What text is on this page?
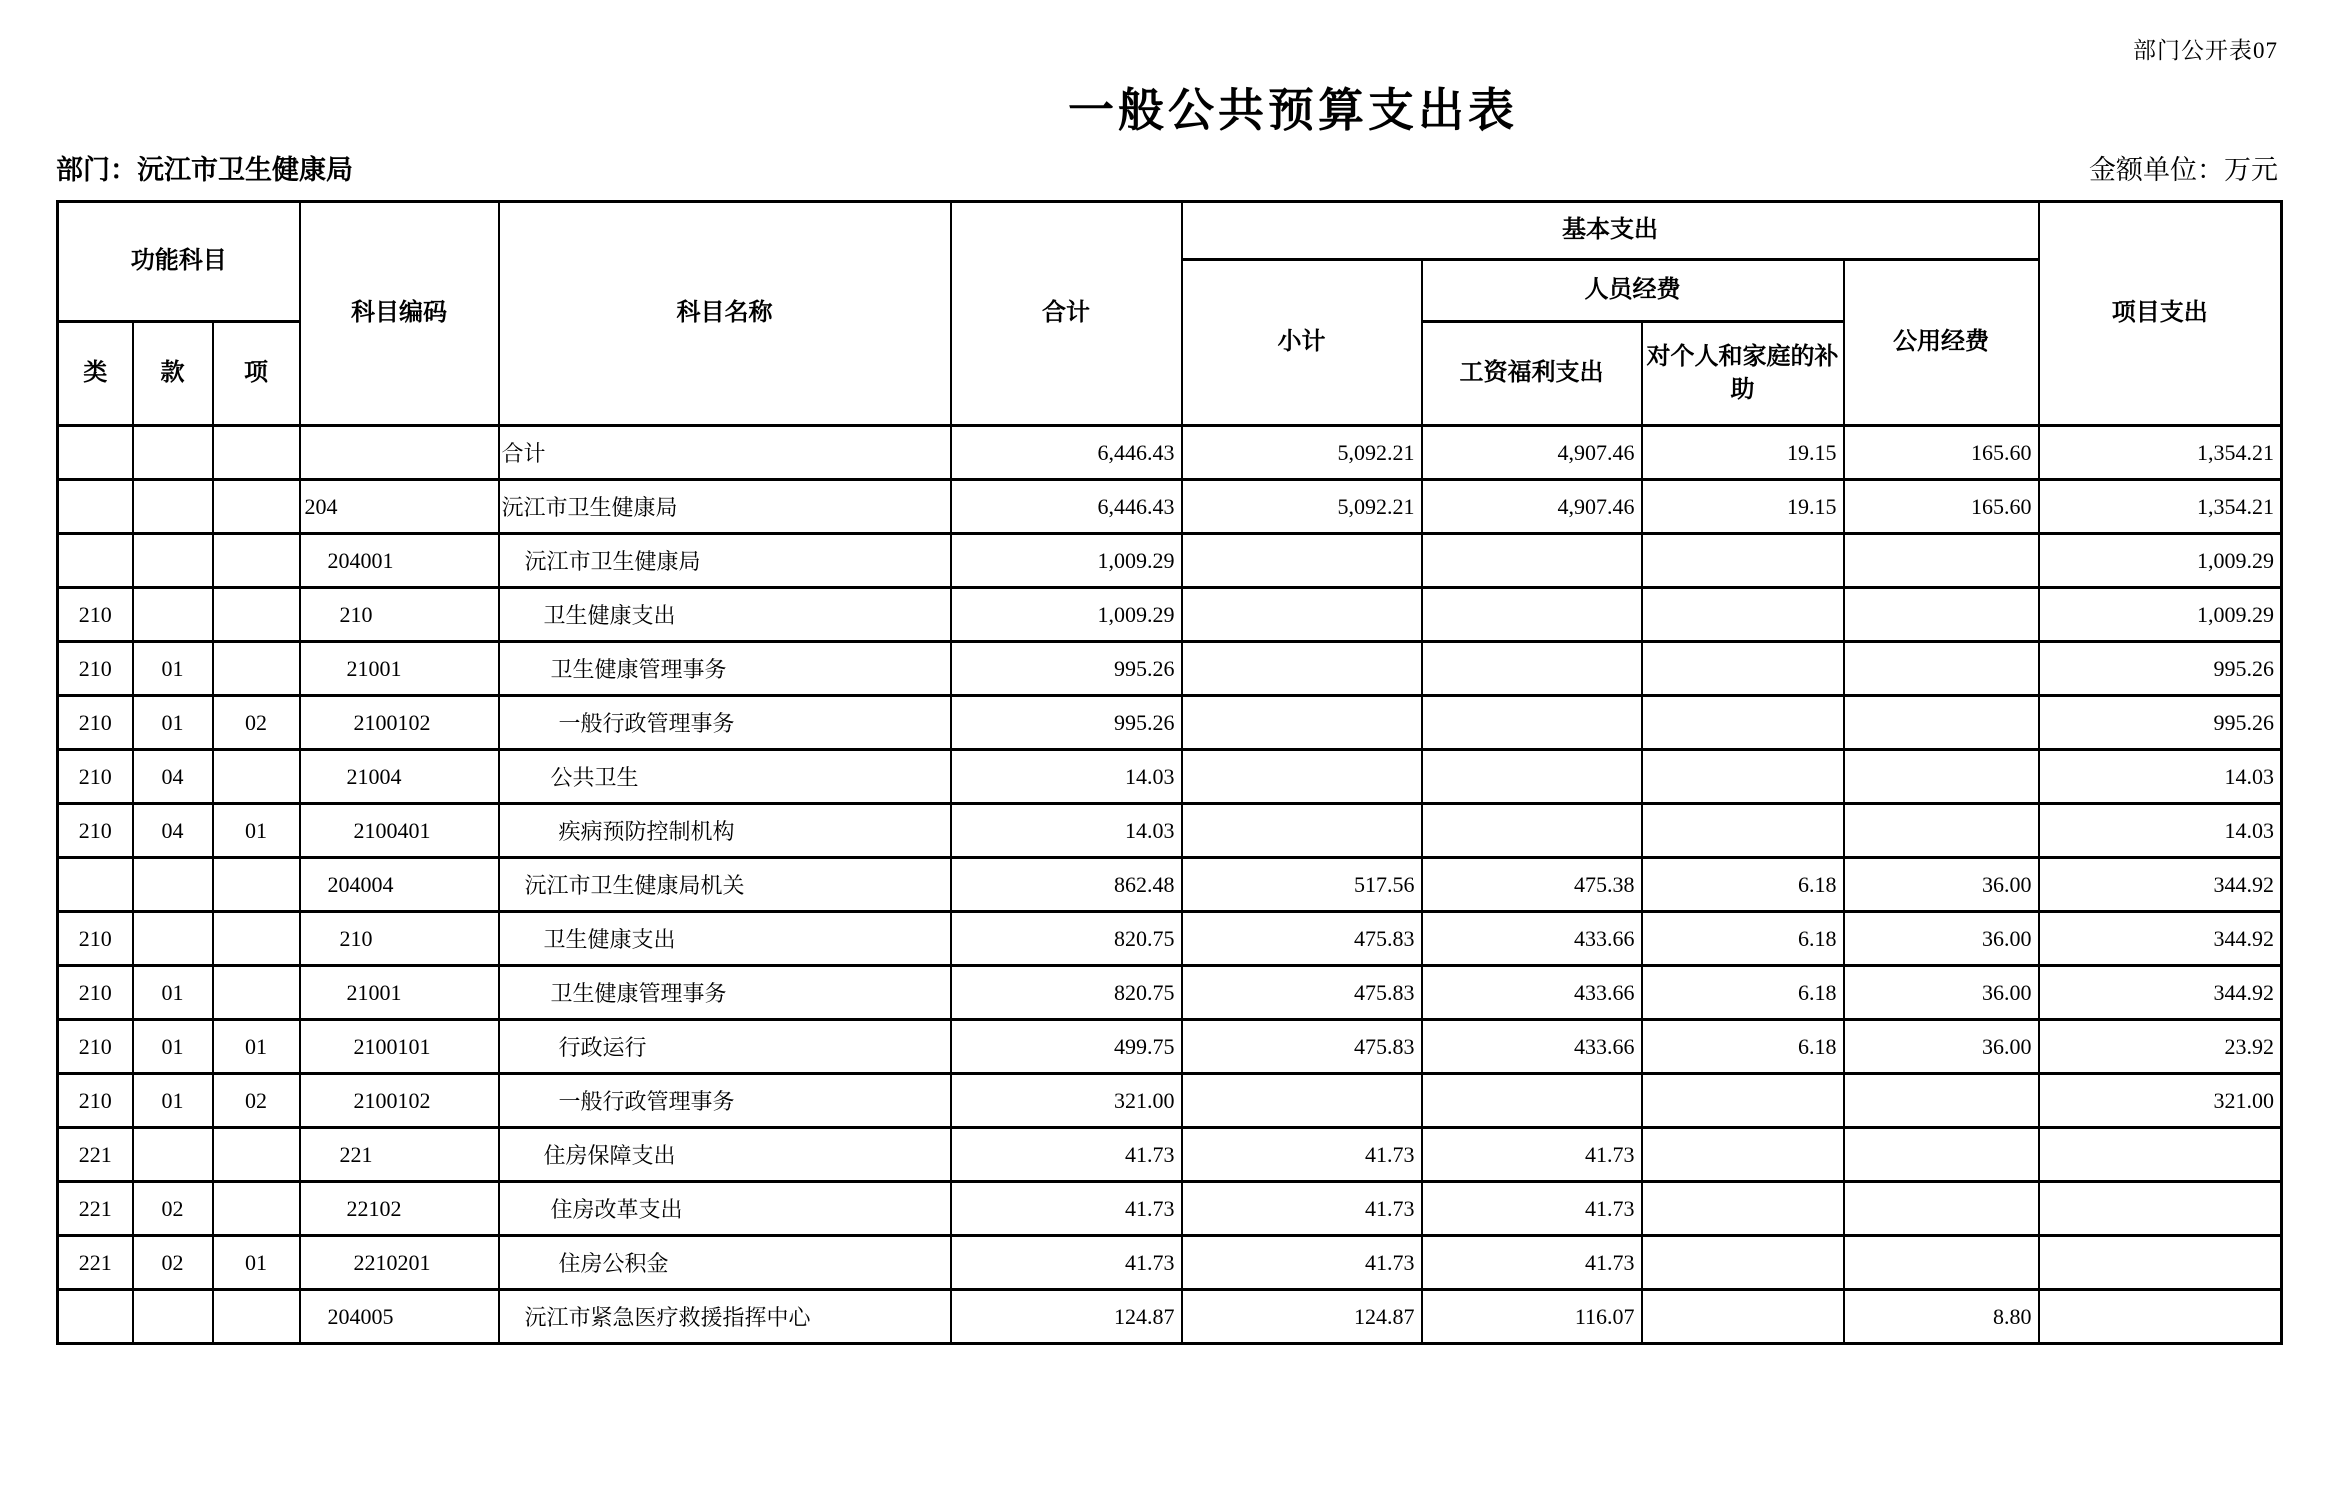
部门公开表07
一般公共预算支出表
部门：沅江市卫生健康局	金额单位：万元
功能科目			科目编码	科目名称	合计	基本支出				项目支出
						小计	人员经费		公用经费	
类	款	项					工资福利支出	对个人和家庭的补助		
				合计	6,446.43	5,092.21	4,907.46	19.15	165.60	1,354.21
			204	沅江市卫生健康局	6,446.43	5,092.21	4,907.46	19.15	165.60	1,354.21
			204001	沅江市卫生健康局	1,009.29					1,009.29
210			210	卫生健康支出	1,009.29					1,009.29
210	01		21001	卫生健康管理事务	995.26					995.26
210	01	02	2100102	一般行政管理事务	995.26					995.26
210	04		21004	公共卫生	14.03					14.03
210	04	01	2100401	疾病预防控制机构	14.03					14.03
			204004	沅江市卫生健康局机关	862.48	517.56	475.38	6.18	36.00	344.92
210			210	卫生健康支出	820.75	475.83	433.66	6.18	36.00	344.92
210	01		21001	卫生健康管理事务	820.75	475.83	433.66	6.18	36.00	344.92
210	01	01	2100101	行政运行	499.75	475.83	433.66	6.18	36.00	23.92
210	01	02	2100102	一般行政管理事务	321.00					321.00
221			221	住房保障支出	41.73	41.73	41.73			
221	02		22102	住房改革支出	41.73	41.73	41.73			
221	02	01	2210201	住房公积金	41.73	41.73	41.73			
			204005	沅江市紧急医疗救援指挥中心	124.87	124.87	116.07		8.80	
